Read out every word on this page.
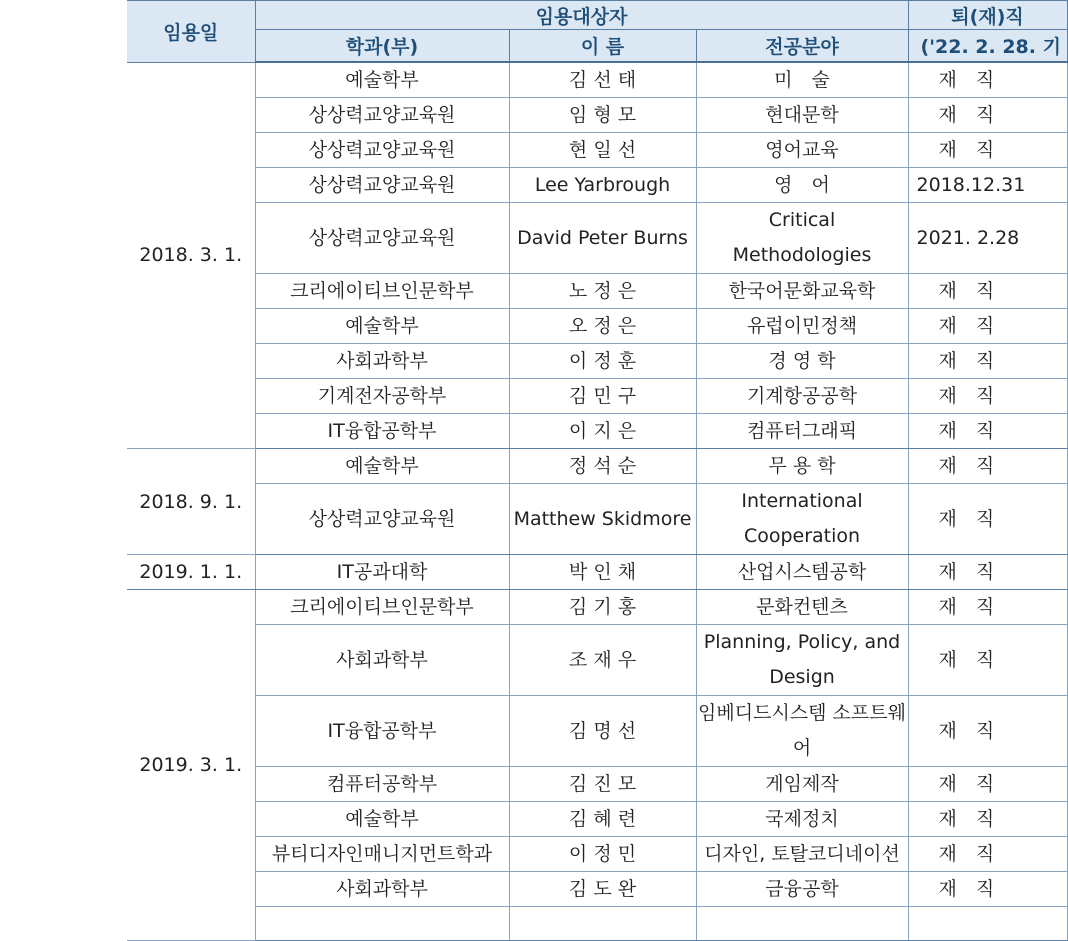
임용일	임용대상자			퇴(재)직
	학과(부)	이 름	전공분야	('22. 2. 28. 기
2018. 3. 1.	예술학부	김 선 태	미　술	재　직
	상상력교양교육원	임 형 모	현대문학	재　직
	상상력교양교육원	현 일 선	영어교육	재　직
	상상력교양교육원	Lee Yarbrough	영　어	2018.12.31
	상상력교양교육원	David Peter Burns	Critical Methodologies	2021. 2.28
	크리에이티브인문학부	노 정 은	한국어문화교육학	재　직
	예술학부	오 정 은	유럽이민정책	재　직
	사회과학부	이 정 훈	경 영 학	재　직
	기계전자공학부	김 민 구	기계항공공학	재　직
	IT융합공학부	이 지 은	컴퓨터그래픽	재　직
2018. 9. 1.	예술학부	정 석 순	무 용 학	재　직
	상상력교양교육원	Matthew Skidmore	International Cooperation	재　직
2019. 1. 1.	IT공과대학	박 인 채	산업시스템공학	재　직
2019. 3. 1.	크리에이티브인문학부	김 기 홍	문화컨텐츠	재　직
	사회과학부	조 재 우	Planning, Policy, and Design	재　직
	IT융합공학부	김 명 선	임베디드시스템 소프트웨어	재　직
	컴퓨터공학부	김 진 모	게임제작	재　직
	예술학부	김 혜 련	국제정치	재　직
	뷰티디자인매니지먼트학과	이 정 민	디자인, 토탈코디네이션	재　직
	사회과학부	김 도 완	금융공학	재　직
